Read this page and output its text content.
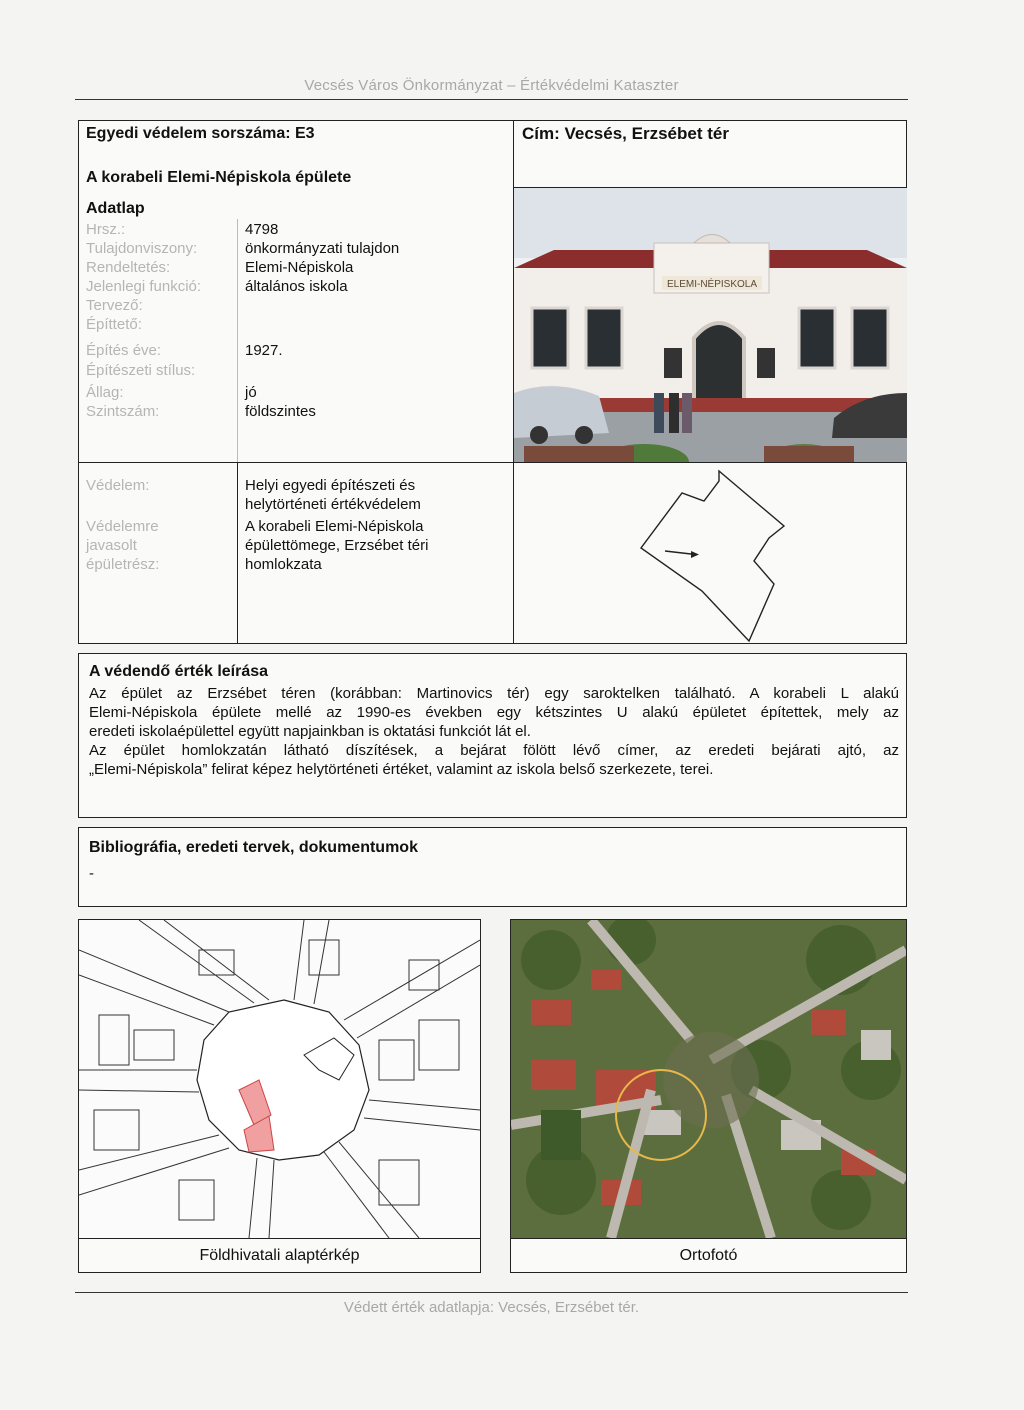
Vecsés Város Önkormányzat – Értékvédelmi Kataszter
Egyedi védelem sorszáma: E3	Cím: Vecsés, Erzsébet tér
A korabeli Elemi-Népiskola épülete
Adatlap
Hrsz.:	4798
Tulajdonviszony:	önkormányzati tulajdon
Rendeltetés:	Elemi-Népiskola
Jelenlegi funkció:	általános iskola
Tervező:
Építtető:
Építés éve:	1927.
Építészeti stílus:
Állag:	jó
Szintszám:	földszintes
ELEMI-NÉPISKOLA
Védelem:	Helyi egyedi építészeti és
helytörténeti értékvédelem
Védelemre
javasolt
épületrész:
A korabeli Elemi-Népiskola
épülettömege, Erzsébet téri
homlokzata
A védendő érték leírása
Az épület az Erzsébet téren (korábban: Martinovics tér) egy saroktelken található. A korabeli L alakú
Elemi-Népiskola épülete mellé az 1990-es években egy kétszintes U alakú épületet építettek, mely az
eredeti iskolaépülettel együtt napjainkban is oktatási funkciót lát el.
Az épület homlokzatán látható díszítések, a bejárat fölött lévő címer, az eredeti bejárati ajtó, az
„Elemi-Népiskola” felirat képez helytörténeti értéket, valamint az iskola belső szerkezete, terei.
Bibliográfia, eredeti tervek, dokumentumok
-
Földhivatali alaptérkép	Ortofotó
Védett érték adatlapja: Vecsés, Erzsébet tér.
